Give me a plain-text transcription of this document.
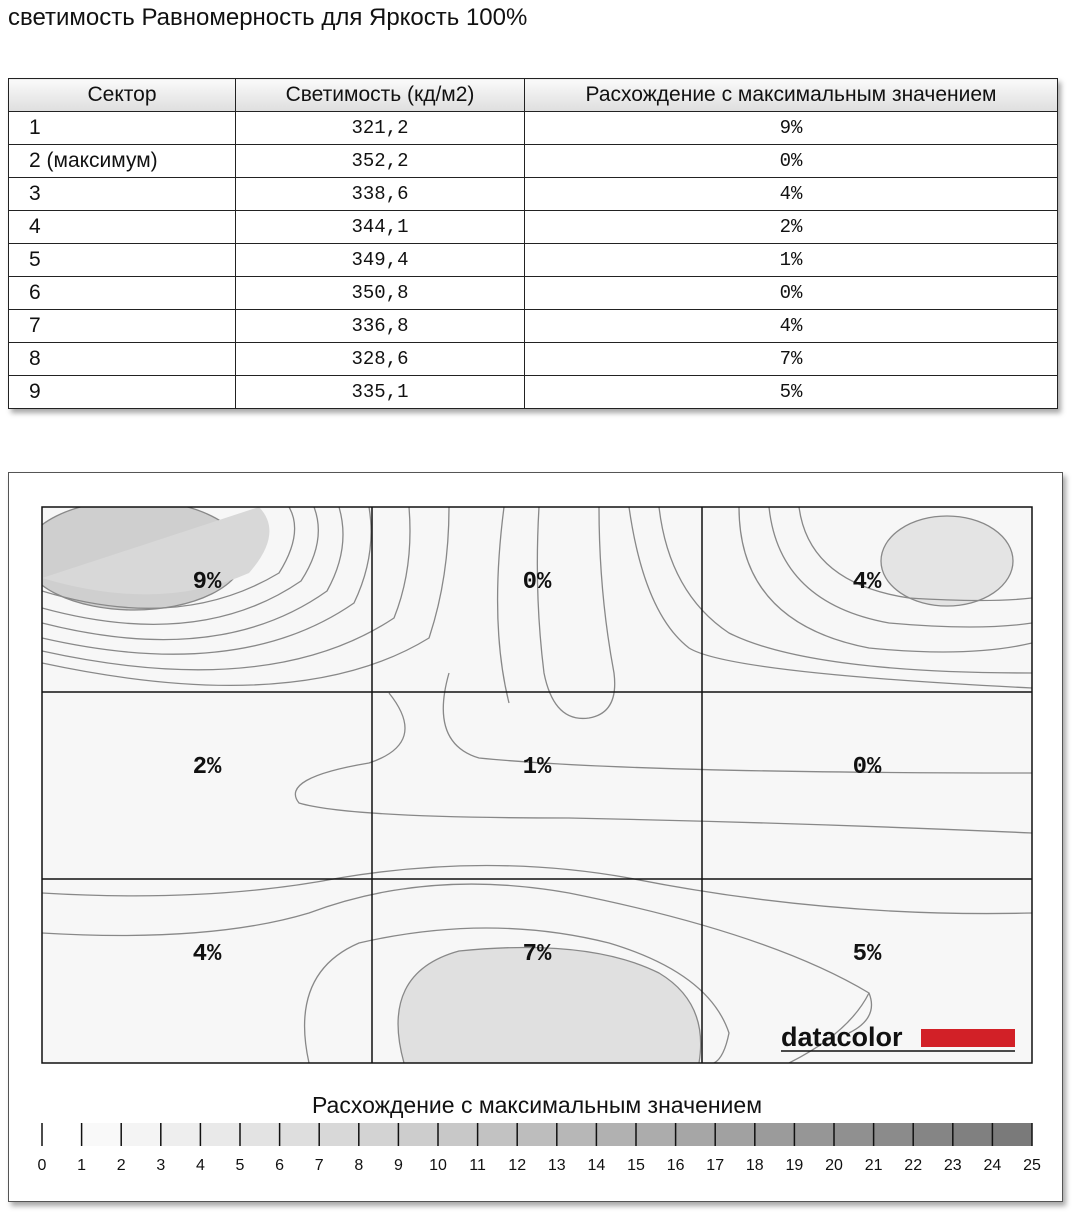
светимость Равномерность для Яркость 100%
Сектор	Светимость (кд/м2)	Расхождение с максимальным значением
1	321,2	9%
2 (максимум)	352,2	0%
3	338,6	4%
4	344,1	2%
5	349,4	1%
6	350,8	0%
7	336,8	4%
8	328,6	7%
9	335,1	5%
9%	0%	4%
2%	1%	0%
4%	7%	5%
datacolor
Расхождение с максимальным значением
0 1 2 3 4 5 6 7 8 9 10 11 12 13 14 15 16 17 18 19 20 21 22 23 24 25
